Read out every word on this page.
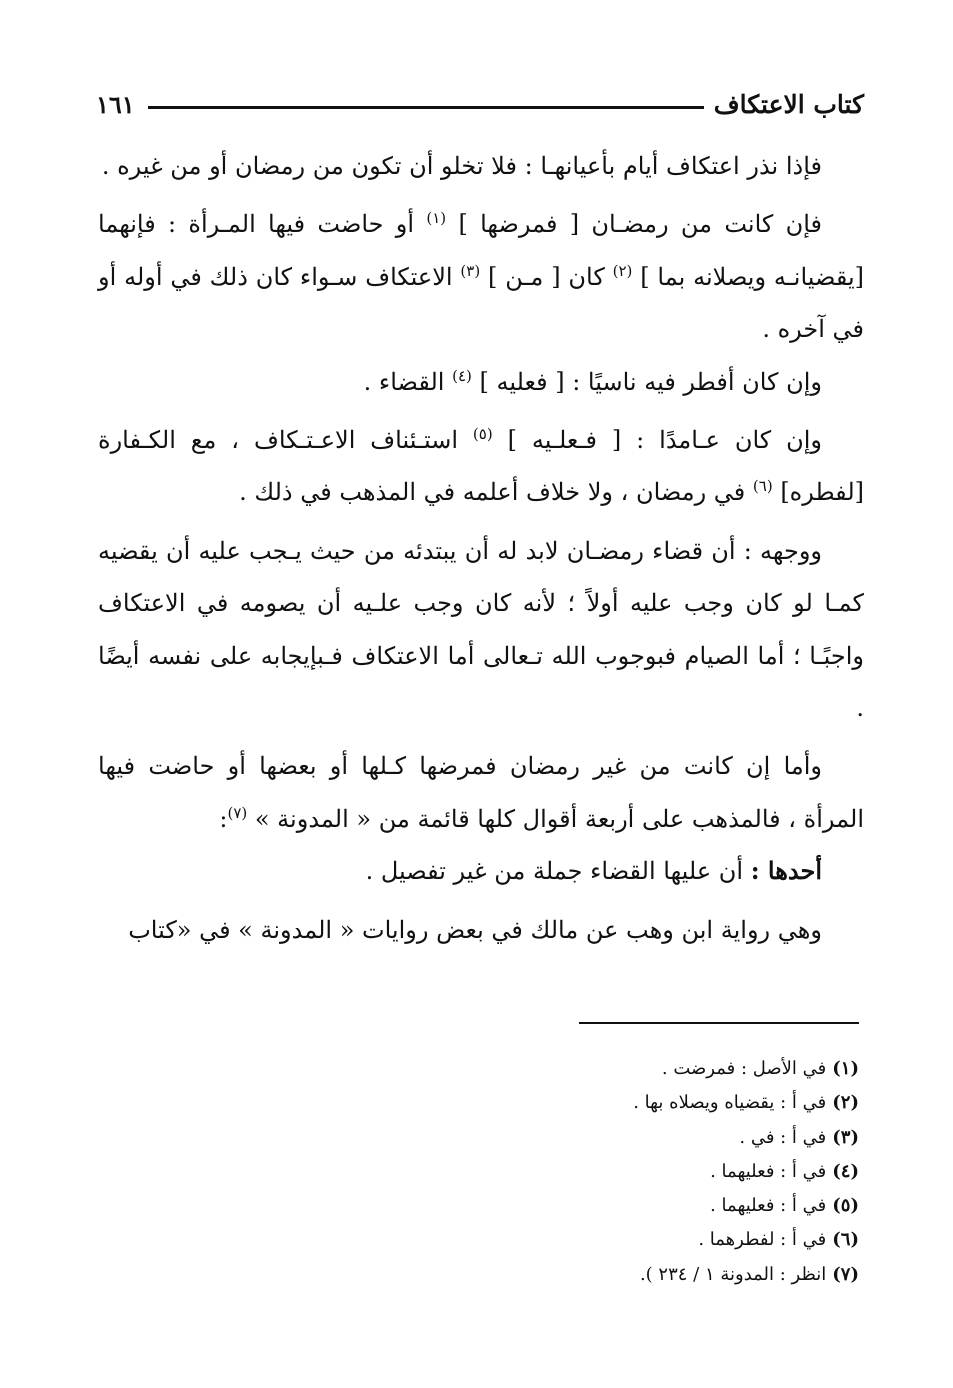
كتاب الاعتكاف
١٦١

فإذا نذر اعتكاف أيام بأعيانهـا : فلا تخلو أن تكون من رمضان أو من غيره .

فإن كانت من رمضـان [ فمرضها ] $^{(١)}$ أو حاضت فيها المـرأة : فإنهما [يقضيانـه ويصلانه بما ] $^{(٢)}$ كان [ مـن ] $^{(٣)}$ الاعتكاف سـواء كان ذلك في أوله أو في آخره .

وإن كان أفطر فيه ناسيًا : [ فعليه ] $^{(٤)}$ القضاء .

وإن كان عـامدًا : [ فـعلـيه ] $^{(٥)}$ استـئناف الاعـتـكاف ، مع الكـفارة [لفطره] $^{(٦)}$ في رمضان ، ولا خلاف أعلمه في المذهب في ذلك .

ووجهه : أن قضاء رمضـان لابد له أن يبتدئه من حيث يـجب عليه أن يقضيه كمـا لو كان وجب عليه أولاً ؛ لأنه كان وجب علـيه أن يصومه في الاعتكاف واجبًـا ؛ أما الصيام فبوجوب الله تـعالى أما الاعتكاف فـبإيجابه على نفسه أيضًا .

وأما إن كانت من غير رمضان فمرضها كـلها أو بعضها أو حاضت فيها المرأة ، فالمذهب على أربعة أقوال كلها قائمة من « المدونة » $^{(٧)}$:

أحدها : أن عليها القضاء جملة من غير تفصيل .

وهي رواية ابن وهب عن مالك في بعض روايات « المدونة » في «كتاب

(١)في الأصل : فمرضت .
(٢)في أ : يقضياه ويصلاه بها .
(٣)في أ : في .
(٤)في أ : فعليهما .
(٥)في أ : فعليهما .
(٦)في أ : لفطرهما .
(٧)انظر : المدونة ١ / ٢٣٤ ).
